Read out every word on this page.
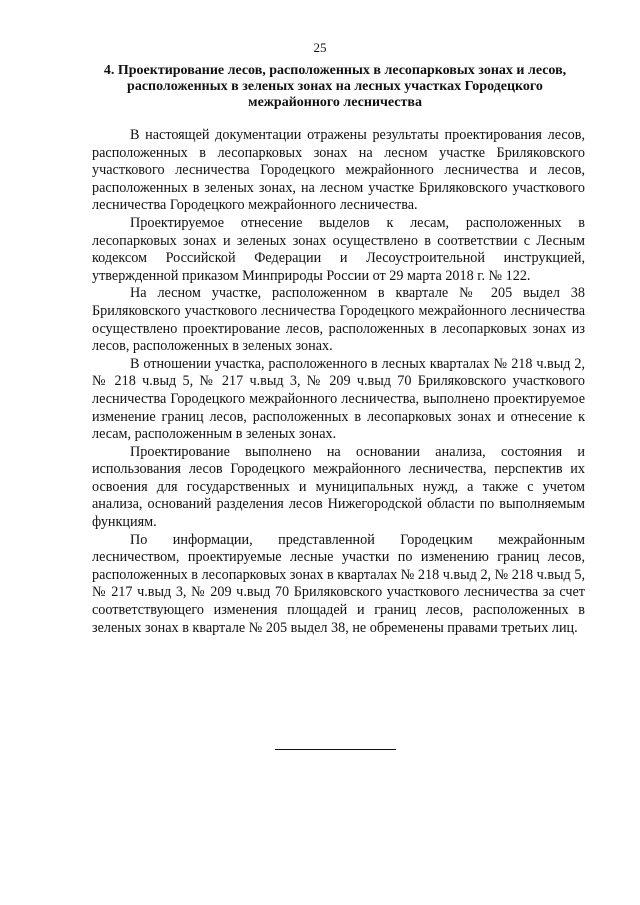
25
4. Проектирование лесов, расположенных в лесопарковых зонах и лесов, расположенных в зеленых зонах на лесных участках Городецкого межрайонного лесничества

В настоящей документации отражены результаты проектирования лесов, расположенных в лесопарковых зонах на лесном участке Бриляковского участкового лесничества Городецкого межрайонного лесничества и лесов, расположенных в зеленых зонах, на лесном участке Бриляковского участкового лесничества Городецкого межрайонного лесничества.

Проектируемое отнесение выделов к лесам, расположенных в лесопарковых зонах и зеленых зонах осуществлено в соответствии с Лесным кодексом Российской Федерации и Лесоустроительной инструкцией, утвержденной приказом Минприроды России от 29 марта 2018 г. № 122.

На лесном участке, расположенном в квартале № 205 выдел 38 Бриляковского участкового лесничества Городецкого межрайонного лесничества осуществлено проектирование лесов, расположенных в лесопарковых зонах из лесов, расположенных в зеленых зонах.

В отношении участка, расположенного в лесных кварталах № 218 ч.выд 2, № 218 ч.выд 5, № 217 ч.выд 3, № 209 ч.выд 70 Бриляковского участкового лесничества Городецкого межрайонного лесничества, выполнено проектируемое изменение границ лесов, расположенных в лесопарковых зонах и отнесение к лесам, расположенным в зеленых зонах.

Проектирование выполнено на основании анализа, состояния и использования лесов Городецкого межрайонного лесничества, перспектив их освоения для государственных и муниципальных нужд, а также с учетом анализа, оснований разделения лесов Нижегородской области по выполняемым функциям.

По информации, представленной Городецким межрайонным лесничеством, проектируемые лесные участки по изменению границ лесов, расположенных в лесопарковых зонах в кварталах № 218 ч.выд 2, № 218 ч.выд 5, № 217 ч.выд 3, № 209 ч.выд 70 Бриляковского участкового лесничества за счет соответствующего изменения площадей и границ лесов, расположенных в зеленых зонах в квартале № 205 выдел 38, не обременены правами третьих лиц.
